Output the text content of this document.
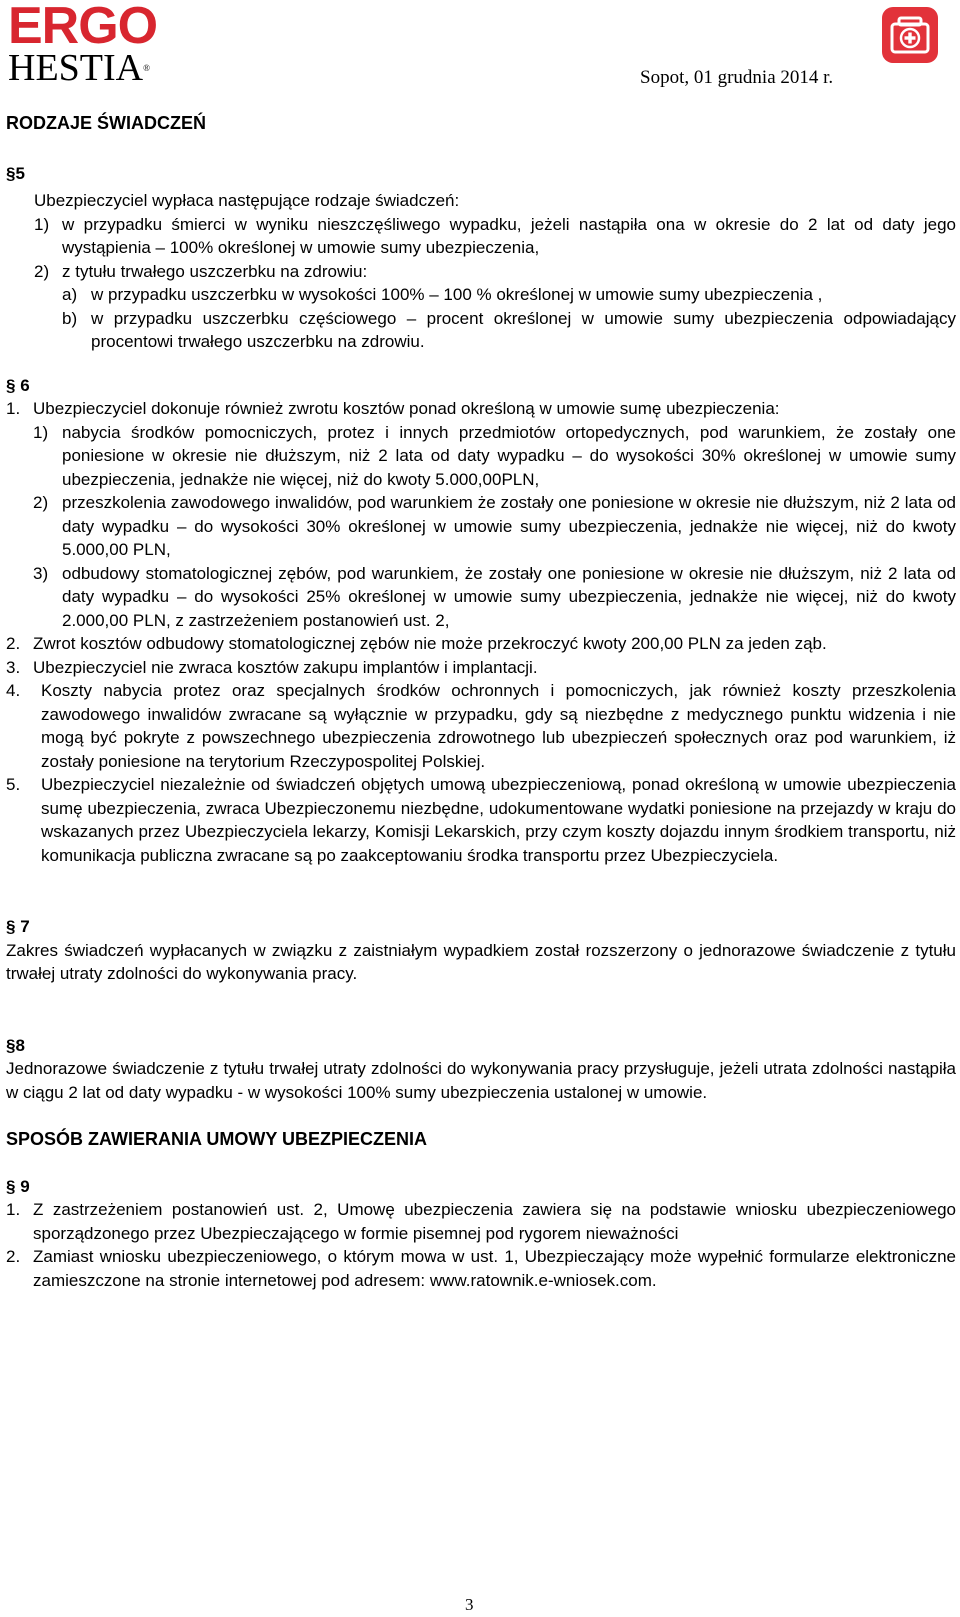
ERGO
HESTIA®	Sopot, 01 grudnia 2014 r.
RODZAJE ŚWIADCZEŃ
§5
Ubezpieczyciel wypłaca następujące rodzaje świadczeń:
1) w przypadku śmierci w wyniku nieszczęśliwego wypadku, jeżeli nastąpiła ona w okresie do 2 lat od daty jego wystąpienia – 100% określonej w umowie sumy ubezpieczenia,
2) z tytułu trwałego uszczerbku na zdrowiu:
a) w przypadku uszczerbku w wysokości 100% – 100 % określonej w umowie sumy ubezpieczenia ,
b) w przypadku uszczerbku częściowego – procent określonej w umowie sumy ubezpieczenia odpowiadający procentowi trwałego uszczerbku na zdrowiu.
§ 6
1. Ubezpieczyciel dokonuje również zwrotu kosztów ponad określoną w umowie sumę ubezpieczenia:
1) nabycia środków pomocniczych, protez i innych przedmiotów ortopedycznych, pod warunkiem, że zostały one poniesione w okresie nie dłuższym, niż 2 lata od daty wypadku – do wysokości 30% określonej w umowie sumy ubezpieczenia, jednakże nie więcej, niż do kwoty 5.000,00PLN,
2) przeszkolenia zawodowego inwalidów, pod warunkiem że zostały one poniesione w okresie nie dłuższym, niż 2 lata od daty wypadku – do wysokości 30% określonej w umowie sumy ubezpieczenia, jednakże nie więcej, niż do kwoty 5.000,00 PLN,
3) odbudowy stomatologicznej zębów, pod warunkiem, że zostały one poniesione w okresie nie dłuższym, niż 2 lata od daty wypadku – do wysokości 25% określonej w umowie sumy ubezpieczenia, jednakże nie więcej, niż do kwoty 2.000,00 PLN, z zastrzeżeniem postanowień ust. 2,
2. Zwrot kosztów odbudowy stomatologicznej zębów nie może przekroczyć kwoty 200,00 PLN za jeden ząb.
3. Ubezpieczyciel nie zwraca kosztów zakupu implantów i implantacji.
4.	Koszty nabycia protez oraz specjalnych środków ochronnych i pomocniczych, jak również koszty przeszkolenia zawodowego inwalidów zwracane są wyłącznie w przypadku, gdy są niezbędne z medycznego punktu widzenia i nie mogą być pokryte z powszechnego ubezpieczenia zdrowotnego lub ubezpieczeń społecznych oraz pod warunkiem, iż zostały poniesione na terytorium Rzeczypospolitej Polskiej.
5.	Ubezpieczyciel niezależnie od świadczeń objętych umową ubezpieczeniową, ponad określoną w umowie ubezpieczenia sumę ubezpieczenia, zwraca Ubezpieczonemu niezbędne, udokumentowane wydatki poniesione na przejazdy w kraju do wskazanych przez Ubezpieczyciela lekarzy, Komisji Lekarskich, przy czym koszty dojazdu innym środkiem transportu, niż komunikacja publiczna zwracane są po zaakceptowaniu środka transportu przez Ubezpieczyciela.
§ 7
Zakres świadczeń wypłacanych w związku z zaistniałym wypadkiem został rozszerzony o jednorazowe świadczenie z tytułu trwałej utraty zdolności do wykonywania pracy.
§8
Jednorazowe świadczenie z tytułu trwałej utraty zdolności do wykonywania pracy przysługuje, jeżeli utrata zdolności nastąpiła w ciągu 2 lat od daty wypadku - w wysokości 100% sumy ubezpieczenia ustalonej w umowie.
SPOSÓB ZAWIERANIA UMOWY UBEZPIECZENIA
§ 9
1. Z zastrzeżeniem postanowień ust. 2, Umowę ubezpieczenia zawiera się na podstawie wniosku ubezpieczeniowego sporządzonego przez Ubezpieczającego w formie pisemnej pod rygorem nieważności
2. Zamiast wniosku ubezpieczeniowego, o którym mowa w ust. 1, Ubezpieczający może wypełnić formularze elektroniczne zamieszczone na stronie internetowej pod adresem: www.ratownik.e-wniosek.com.
3
